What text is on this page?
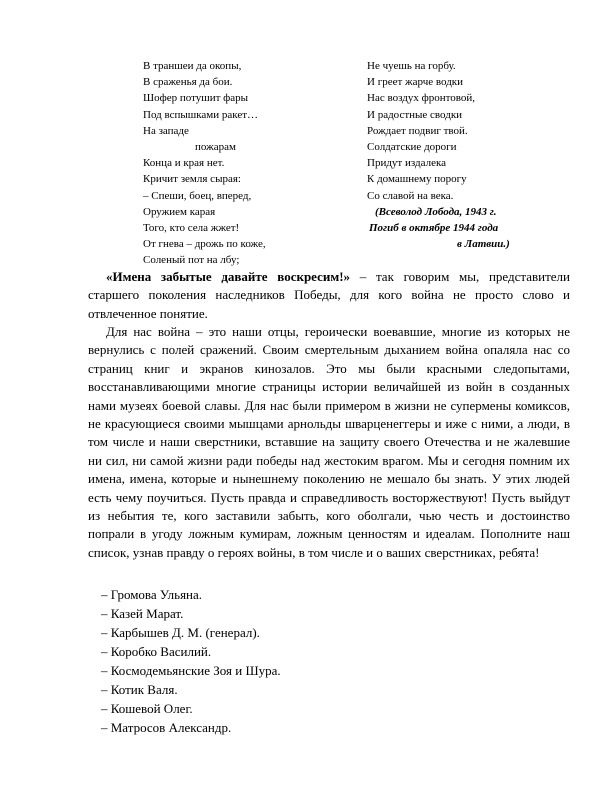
В траншеи да окопы,
В сраженья да бои.
Шофер потушит фары
Под вспышками ракет…
На западе
пожарам
Конца и края нет.
Кричит земля сырая:
– Спеши, боец, вперед,
Оружием карая
Того, кто села жжет!
От гнева – дрожь по коже,
Соленый пот на лбу;
Не чуешь на горбу.
И греет жарче водки
Нас воздух фронтовой,
И радостные сводки
Рождает подвиг твой.
Солдатские дороги
Придут издалека
К домашнему порогу
Со славой на века.
(Всеволод Лобода, 1943 г.
Погиб в октябре 1944 года
в Латвии.)

«Имена забытые давайте воскресим!» – так говорим мы, представители старшего поколения наследников Победы, для кого война не просто слово и отвлеченное понятие.

Для нас война – это наши отцы, героически воевавшие, многие из которых не вернулись с полей сражений. Своим смертельным дыханием война опаляла нас со страниц книг и экранов кинозалов. Это мы были красными следопытами, восстанавливающими многие страницы истории величайшей из войн в созданных нами музеях боевой славы. Для нас были примером в жизни не супермены комиксов, не красующиеся своими мышцами арнольды шварценеггеры и иже с ними, а люди, в том числе и наши сверстники, вставшие на защиту своего Отечества и не жалевшие ни сил, ни самой жизни ради победы над жестоким врагом. Мы и сегодня помним их имена, имена, которые и нынешнему поколению не мешало бы знать. У этих людей есть чему поучиться. Пусть правда и справедливость восторжествуют! Пусть выйдут из небытия те, кого заставили забыть, кого оболгали, чью честь и достоинство попрали в угоду ложным кумирам, ложным ценностям и идеалам. Пополните наш список, узнав правду о героях войны, в том числе и о ваших сверстниках, ребята!

– Громова Ульяна.
– Казей Марат.
– Карбышев Д. М. (генерал).
– Коробко Василий.
– Космодемьянские Зоя и Шура.
– Котик Валя.
– Кошевой Олег.
– Матросов Александр.
